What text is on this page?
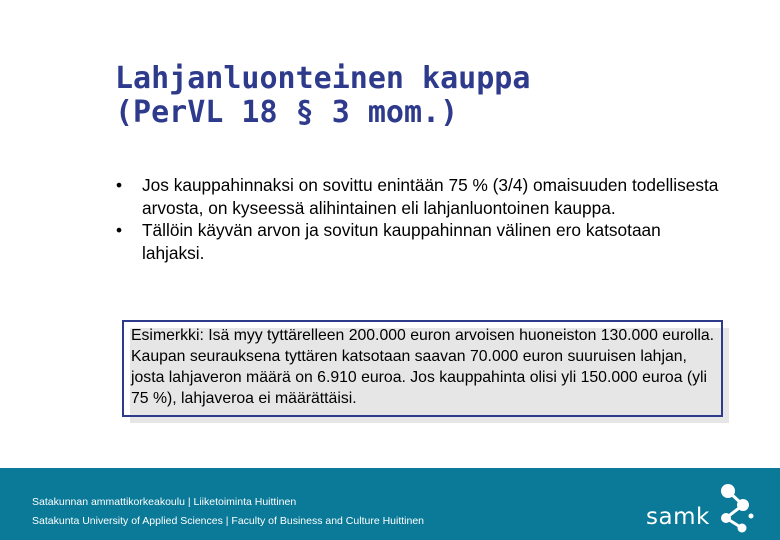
Lahjanluonteinen kauppa
(PerVL 18 § 3 mom.)
• Jos kauppahinnaksi on sovittu enintään 75 % (3/4) omaisuuden todellisesta arvosta, on kyseessä alihintainen eli lahjanluontoinen kauppa.
• Tällöin käyvän arvon ja sovitun kauppahinnan välinen ero katsotaan lahjaksi.
Esimerkki: Isä myy tyttärelleen 200.000 euron arvoisen huoneiston 130.000 eurolla. Kaupan seurauksena tyttären katsotaan saavan 70.000 euron suuruisen lahjan, josta lahjaveron määrä on 6.910 euroa. Jos kauppahinta olisi yli 150.000 euroa (yli 75 %), lahjaveroa ei määrättäisi.
Satakunnan ammattikorkeakoulu | Liiketoiminta Huittinen
Satakunta University of Applied Sciences | Faculty of Business and Culture Huittinen	samk
